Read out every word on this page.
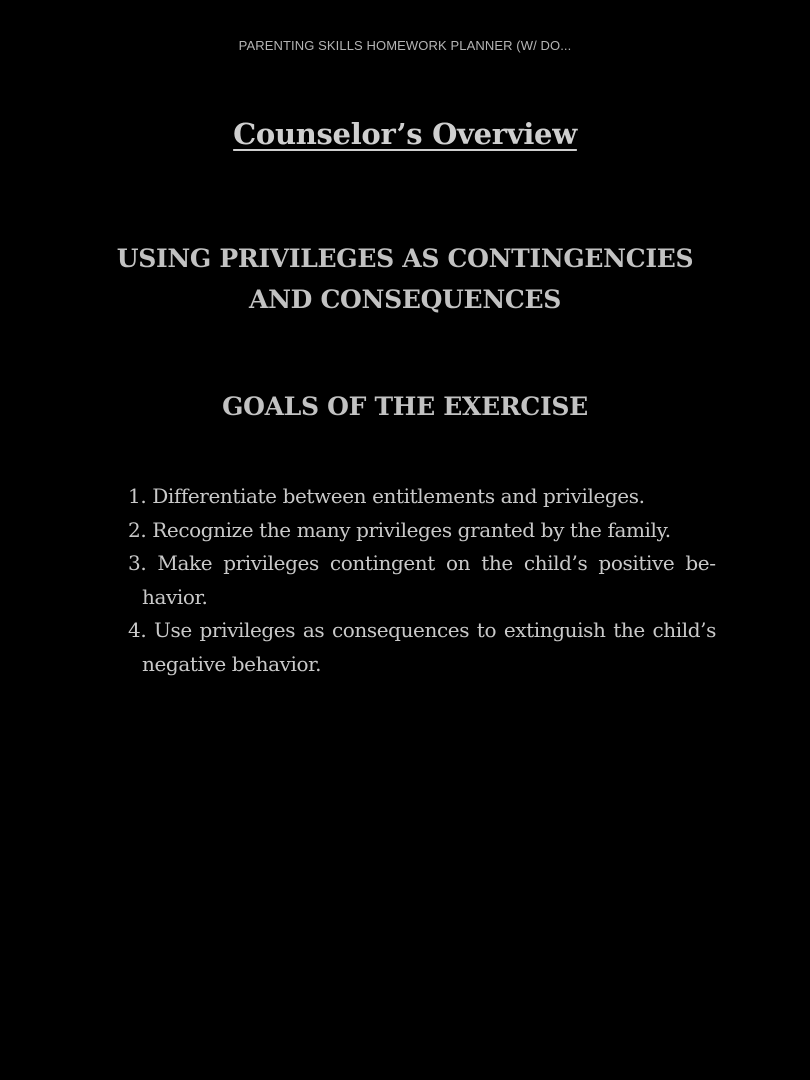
PARENTING SKILLS HOMEWORK PLANNER (W/ DO...
Counselor’s Overview
USING PRIVILEGES AS CONTINGENCIES
AND CONSEQUENCES
GOALS OF THE EXERCISE
1. Differentiate between entitlements and privileges.
2. Recognize the many privileges granted by the family.
3. Make privileges contingent on the child’s positive behavior.
4. Use privileges as consequences to extinguish the child’s negative behavior.
